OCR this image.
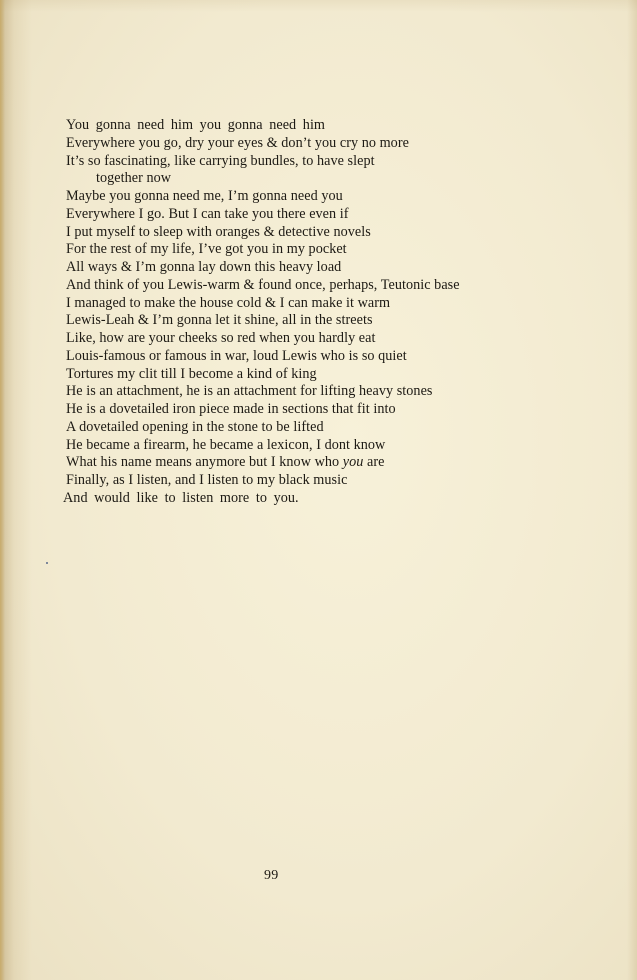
You gonna need him you gonna need him
Everywhere you go, dry your eyes & don’t you cry no more
It’s so fascinating, like carrying bundles, to have slept
together now
Maybe you gonna need me, I’m gonna need you
Everywhere I go. But I can take you there even if
I put myself to sleep with oranges & detective novels
For the rest of my life, I’ve got you in my pocket
All ways & I’m gonna lay down this heavy load
And think of you Lewis-warm & found once, perhaps, Teutonic base
I managed to make the house cold & I can make it warm
Lewis-Leah & I’m gonna let it shine, all in the streets
Like, how are your cheeks so red when you hardly eat
Louis-famous or famous in war, loud Lewis who is so quiet
Tortures my clit till I become a kind of king
He is an attachment, he is an attachment for lifting heavy stones
He is a dovetailed iron piece made in sections that fit into
A dovetailed opening in the stone to be lifted
He became a firearm, he became a lexicon, I dont know
What his name means anymore but I know who you are
Finally, as I listen, and I listen to my black music
And would like to listen more to you.
99
